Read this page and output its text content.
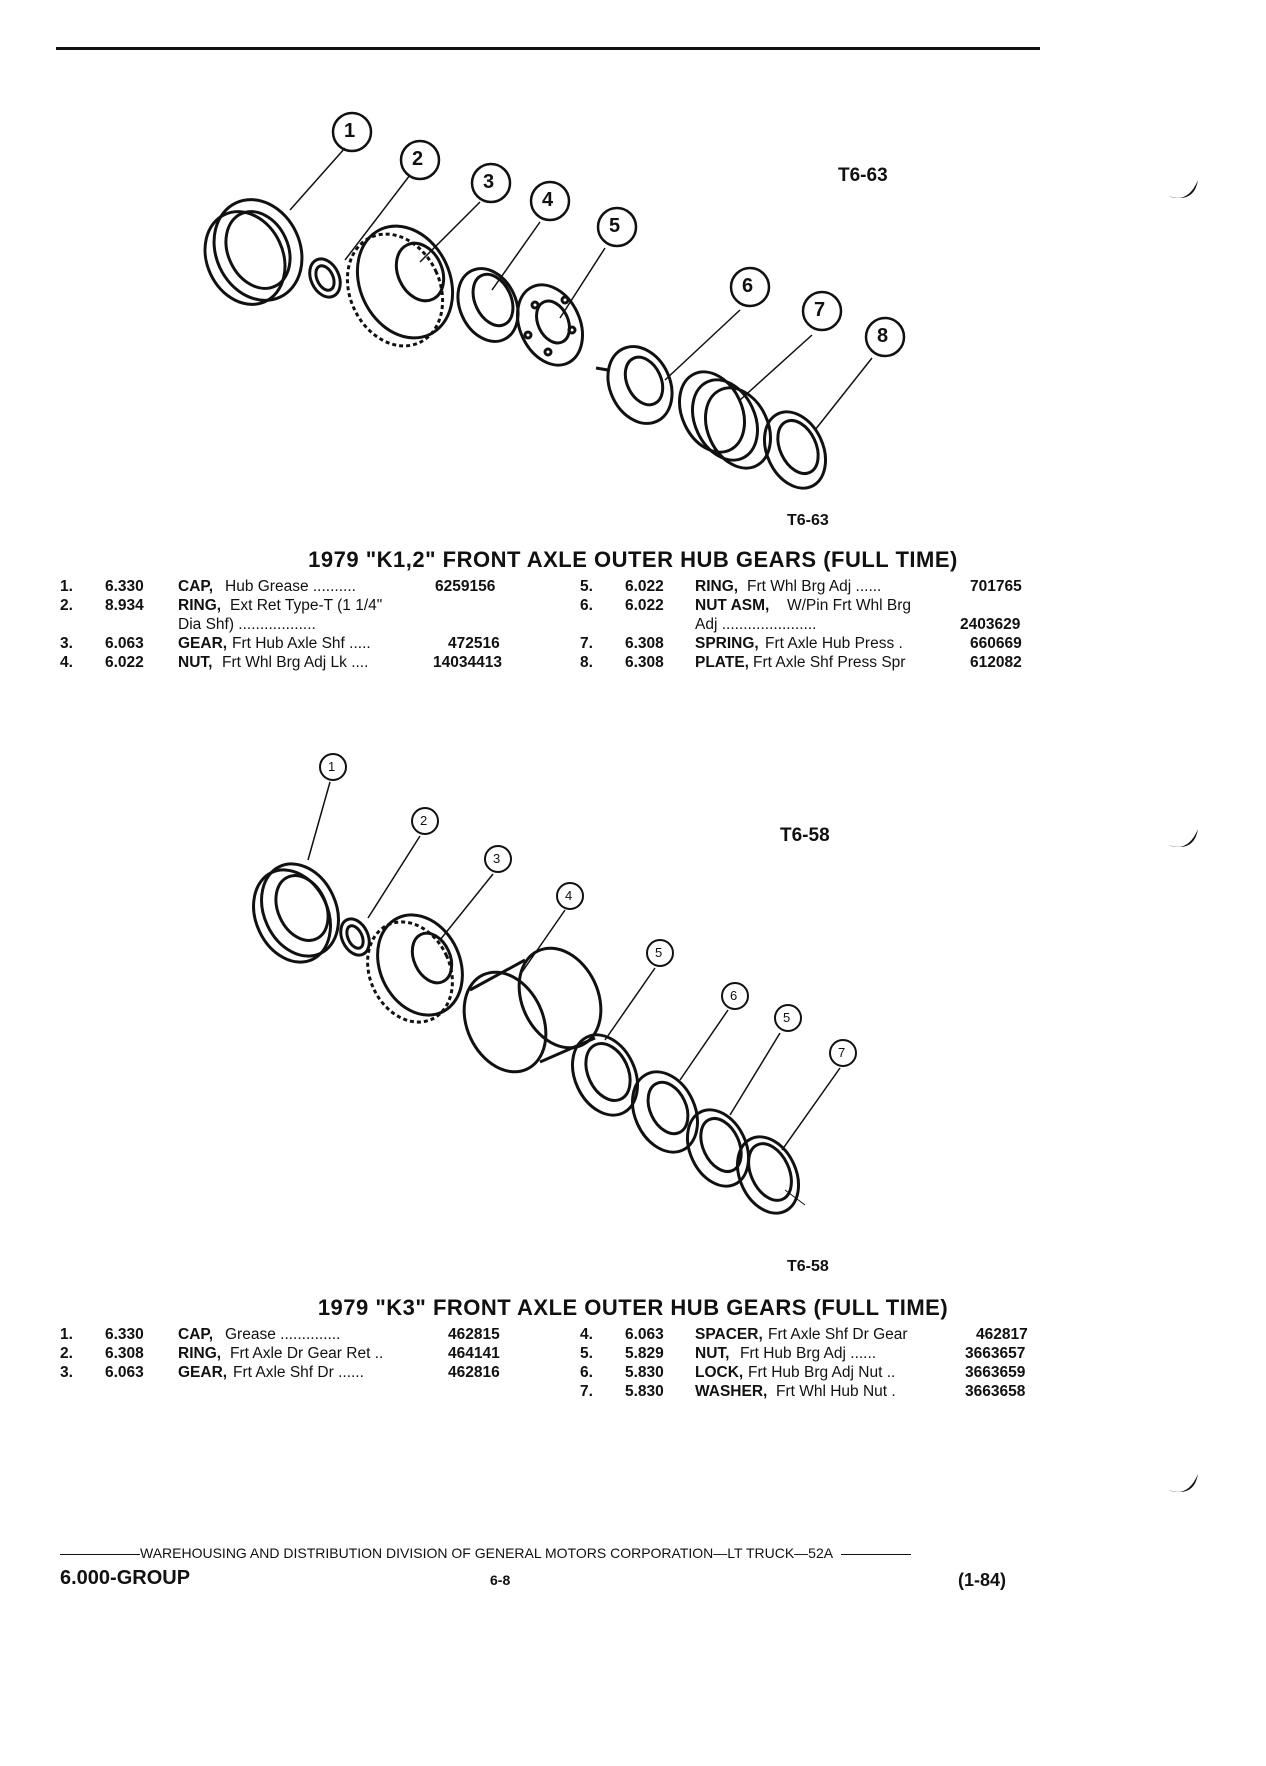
1
2
3
4
5
6
7
8
1
2
3
4
5
6
5
7
T6-63
T6-63
T6-58
T6-58
1979 "K1,2" FRONT AXLE OUTER HUB GEARS (FULL TIME)
1979 "K3" FRONT AXLE OUTER HUB GEARS (FULL TIME)
1. 6.330 CAP, Hub Grease ..........	6259156
2. 8.934 RING, Ext Ret Type-T (1 1/4"
Dia Shf) ..................
3. 6.063 GEAR, Frt Hub Axle Shf .....	472516
4. 6.022 NUT, Frt Whl Brg Adj Lk ....	14034413
5. 6.022 RING, Frt Whl Brg Adj ......	701765
6. 6.022 NUT ASM, W/Pin Frt Whl Brg
Adj ......................	2403629
7. 6.308 SPRING, Frt Axle Hub Press .	660669
8. 6.308 PLATE, Frt Axle Shf Press Spr	612082
1. 6.330 CAP, Grease ..............	462815
2. 6.308 RING, Frt Axle Dr Gear Ret ..	464141
3. 6.063 GEAR, Frt Axle Shf Dr ......	462816
4. 6.063 SPACER, Frt Axle Shf Dr Gear	462817
5. 5.829 NUT, Frt Hub Brg Adj ......	3663657
6. 5.830 LOCK, Frt Hub Brg Adj Nut ..	3663659
7. 5.830 WASHER, Frt Whl Hub Nut .	3663658
WAREHOUSING AND DISTRIBUTION DIVISION OF GENERAL MOTORS CORPORATION—LT TRUCK—52A
6.000-GROUP	6-8	(1-84)
